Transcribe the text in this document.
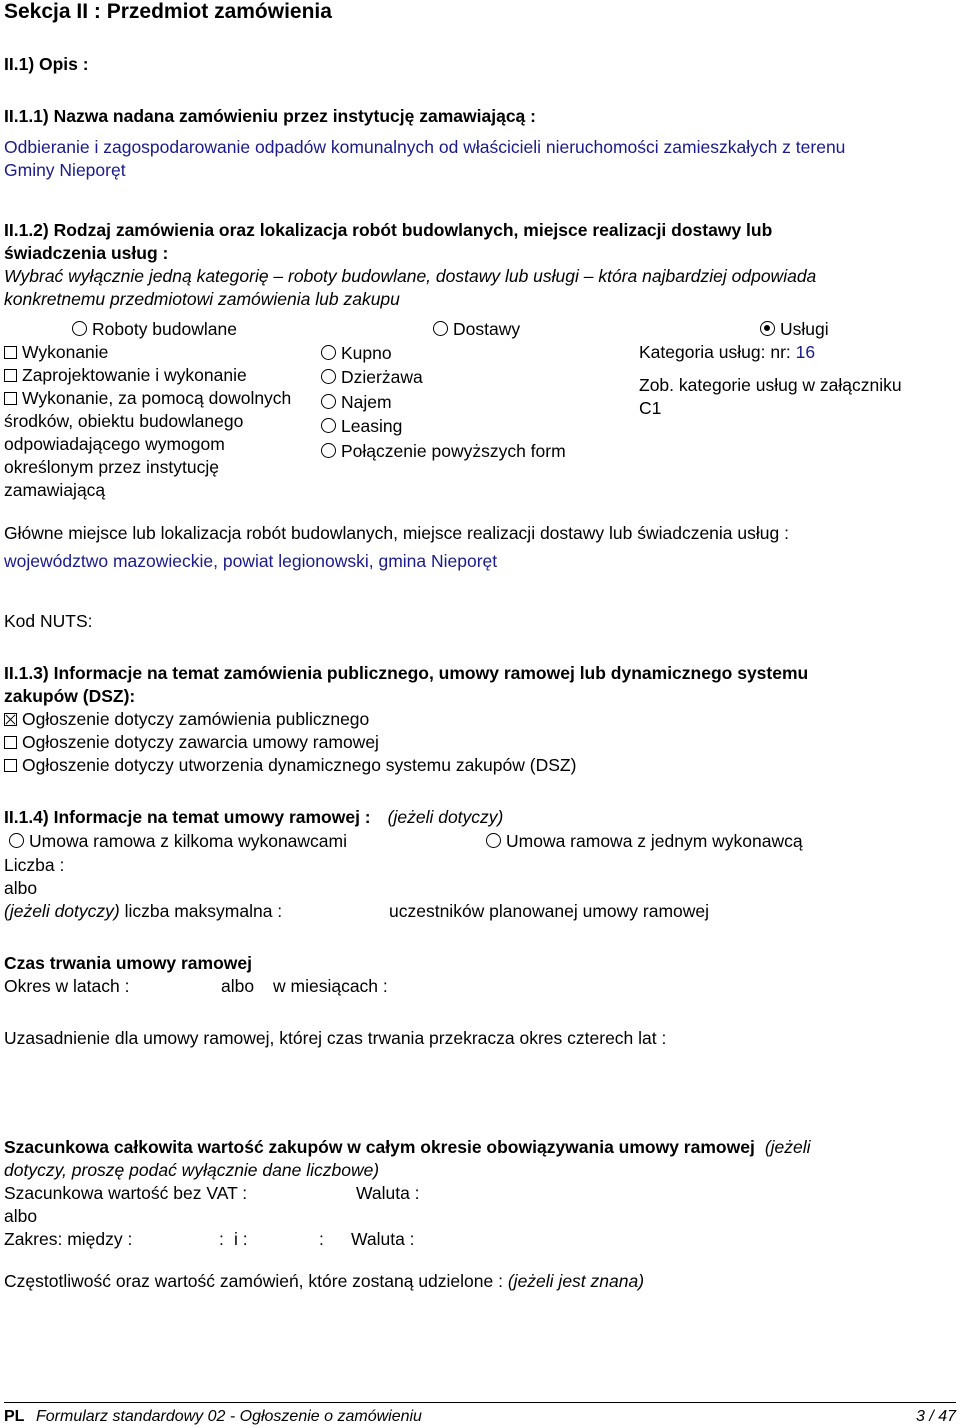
Sekcja II : Przedmiot zamówienia
II.1) Opis :
II.1.1) Nazwa nadana zamówieniu przez instytucję zamawiającą :
Odbieranie i zagospodarowanie odpadów komunalnych od właścicieli nieruchomości zamieszkałych z terenu
Gminy Nieporęt
II.1.2) Rodzaj zamówienia oraz lokalizacja robót budowlanych, miejsce realizacji dostawy lub
świadczenia usług :
Wybrać wyłącznie jedną kategorię – roboty budowlane, dostawy lub usługi – która najbardziej odpowiada
konkretnemu przedmiotowi zamówienia lub zakupu
Roboty budowlane	Dostawy	Usługi
Wykonanie
Zaprojektowanie i wykonanie
Wykonanie, za pomocą dowolnych
środków, obiektu budowlanego
odpowiadającego wymogom
określonym przez instytucję
zamawiającą
Kupno
Dzierżawa
Najem
Leasing
Połączenie powyższych form
Kategoria usług: nr: 16
Zob. kategorie usług w załączniku
C1
Główne miejsce lub lokalizacja robót budowlanych, miejsce realizacji dostawy lub świadczenia usług :
województwo mazowieckie, powiat legionowski, gmina Nieporęt
Kod NUTS:
II.1.3) Informacje na temat zamówienia publicznego, umowy ramowej lub dynamicznego systemu
zakupów (DSZ):
Ogłoszenie dotyczy zamówienia publicznego
Ogłoszenie dotyczy zawarcia umowy ramowej
Ogłoszenie dotyczy utworzenia dynamicznego systemu zakupów (DSZ)
II.1.4) Informacje na temat umowy ramowej : (jeżeli dotyczy)
Umowa ramowa z kilkoma wykonawcami	Umowa ramowa z jednym wykonawcą
Liczba :
albo
(jeżeli dotyczy) liczba maksymalna :	uczestników planowanej umowy ramowej
Czas trwania umowy ramowej
Okres w latach :	albo w miesiącach :
Uzasadnienie dla umowy ramowej, której czas trwania przekracza okres czterech lat :
Szacunkowa całkowita wartość zakupów w całym okresie obowiązywania umowy ramowej (jeżeli
dotyczy, proszę podać wyłącznie dane liczbowe)
Szacunkowa wartość bez VAT :	Waluta :
albo
Zakres: między :	: i :	: Waluta :
Częstotliwość oraz wartość zamówień, które zostaną udzielone : (jeżeli jest znana)
PL Formularz standardowy 02 - Ogłoszenie o zamówieniu	3 / 47
